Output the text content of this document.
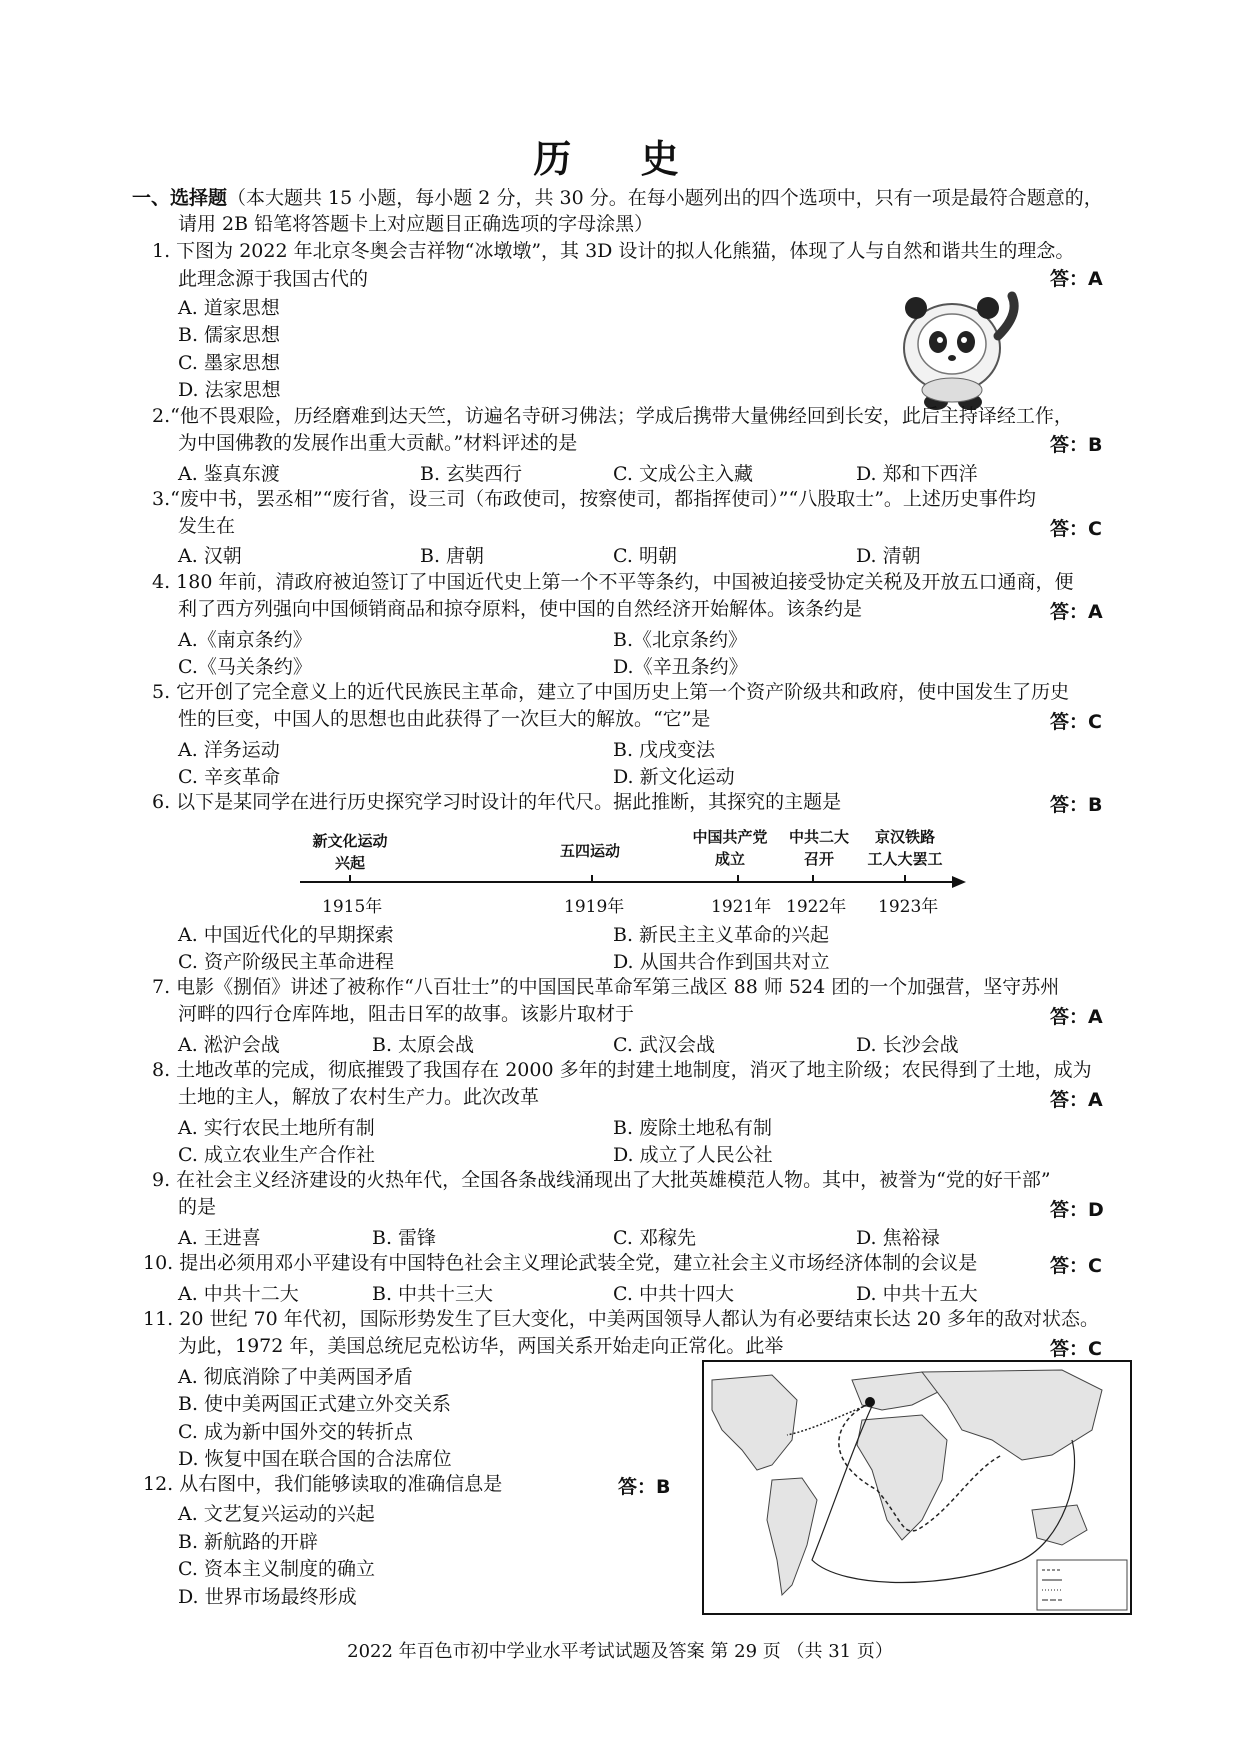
历 史
一、选择题（本大题共 15 小题，每小题 2 分，共 30 分。在每小题列出的四个选项中，只有一项是最符合题意的，
请用 2B 铅笔将答题卡上对应题目正确选项的字母涂黑）
1. 下图为 2022 年北京冬奥会吉祥物“冰墩墩”，其 3D 设计的拟人化熊猫，体现了人与自然和谐共生的理念。
此理念源于我国古代的	答：A
A. 道家思想
B. 儒家思想
C. 墨家思想
D. 法家思想
2.“他不畏艰险，历经磨难到达天竺，访遍名寺研习佛法；学成后携带大量佛经回到长安，此后主持译经工作，
为中国佛教的发展作出重大贡献。”材料评述的是	答：B
A. 鉴真东渡	B. 玄奘西行	C. 文成公主入藏	D. 郑和下西洋
3.“废中书，罢丞相”“废行省，设三司（布政使司，按察使司，都指挥使司）”“八股取士”。上述历史事件均
发生在	答：C
A. 汉朝	B. 唐朝	C. 明朝	D. 清朝
4. 180 年前，清政府被迫签订了中国近代史上第一个不平等条约，中国被迫接受协定关税及开放五口通商，便
利了西方列强向中国倾销商品和掠夺原料，使中国的自然经济开始解体。该条约是	答：A
A.《南京条约》	B.《北京条约》
C.《马关条约》	D.《辛丑条约》
5. 它开创了完全意义上的近代民族民主革命，建立了中国历史上第一个资产阶级共和政府，使中国发生了历史
性的巨变，中国人的思想也由此获得了一次巨大的解放。“它”是	答：C
A. 洋务运动	B. 戊戌变法
C. 辛亥革命	D. 新文化运动
6. 以下是某同学在进行历史探究学习时设计的年代尺。据此推断，其探究的主题是	答：B
新文化运动
兴起
五四运动
中国共产党
成立
中共二大
召开
京汉铁路
工人大罢工
1915年	1919年	1921年 1922年 1923年
A. 中国近代化的早期探索	B. 新民主主义革命的兴起
C. 资产阶级民主革命进程	D. 从国共合作到国共对立
7. 电影《捌佰》讲述了被称作“八百壮士”的中国国民革命军第三战区 88 师 524 团的一个加强营，坚守苏州
河畔的四行仓库阵地，阻击日军的故事。该影片取材于	答：A
A. 淞沪会战	B. 太原会战	C. 武汉会战	D. 长沙会战
8. 土地改革的完成，彻底摧毁了我国存在 2000 多年的封建土地制度，消灭了地主阶级；农民得到了土地，成为
土地的主人，解放了农村生产力。此次改革	答：A
A. 实行农民土地所有制	B. 废除土地私有制
C. 成立农业生产合作社	D. 成立了人民公社
9. 在社会主义经济建设的火热年代，全国各条战线涌现出了大批英雄模范人物。其中，被誉为“党的好干部”
的是	答：D
A. 王进喜	B. 雷锋	C. 邓稼先	D. 焦裕禄
10. 提出必须用邓小平建设有中国特色社会主义理论武装全党，建立社会主义市场经济体制的会议是	答：C
A. 中共十二大	B. 中共十三大	C. 中共十四大	D. 中共十五大
11. 20 世纪 70 年代初，国际形势发生了巨大变化，中美两国领导人都认为有必要结束长达 20 多年的敌对状态。
为此，1972 年，美国总统尼克松访华，两国关系开始走向正常化。此举	答：C
A. 彻底消除了中美两国矛盾
B. 使中美两国正式建立外交关系
C. 成为新中国外交的转折点
D. 恢复中国在联合国的合法席位
12. 从右图中，我们能够读取的准确信息是	答：B
A. 文艺复兴运动的兴起
B. 新航路的开辟
C. 资本主义制度的确立
D. 世界市场最终形成
2022 年百色市初中学业水平考试试题及答案 第 29 页 （共 31 页）
